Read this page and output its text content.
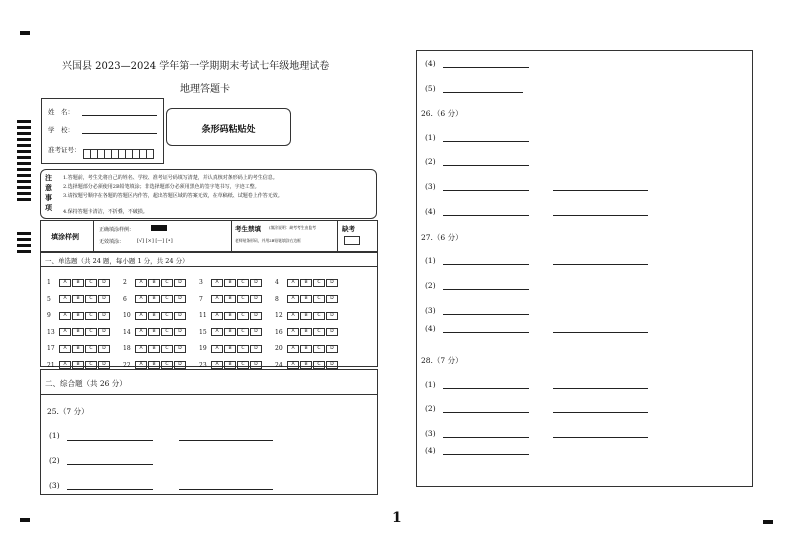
兴国县 2023—2024 学年第一学期期末考试七年级地理试卷
地理答题卡
姓　名：
学　校：
准考证号：
条形码粘贴处
注意事项
1.答题前，考生先将自己的姓名、学校、准考证号码填写清楚，并认真核对条形码上的考生信息。
2.选择题部分必须使用2B铅笔填涂；非选择题部分必须用黑色的签字笔书写，字迹工整。
3.请按题号顺序在各题的答题区内作答，超出答题区域的答案无效，在草稿纸、试题卷上作答无效。
4.保持答题卡清洁，不折叠，不破损。
填涂样例
正确填涂样例：
无效填涂：	[√] [×] [—] [•]
考生禁填 (填涂说明：缺考考生由监考
老师贴条形码，并用2B铅笔填涂右边框
缺考
一、单选题（共 24 题，每小题 1 分，共 24 分）
1	A B C D	2	A B C D	3	A B C D	4	A B C D
5	A B C D	6	A B C D	7	A B C D	8	A B C D
9	A B C D	10 A B C D	11 A B C D	12 A B C D
13 A B C D	14 A B C D	15 A B C D	16 A B C D
17 A B C D	18 A B C D	19 A B C D	20 A B C D
21 A B C D	22 A B C D	23 A B C D	24 A B C D
二、综合题（共 26 分）
25.（7 分）
(1)
(2)
(3)
1
(4)
(5)
26.（6 分）
(1)
(2)
(3)
(4)
27.（6 分）
(1)
(2)
(3)
(4)
28.（7 分）
(1)
(2)
(3)
(4)
